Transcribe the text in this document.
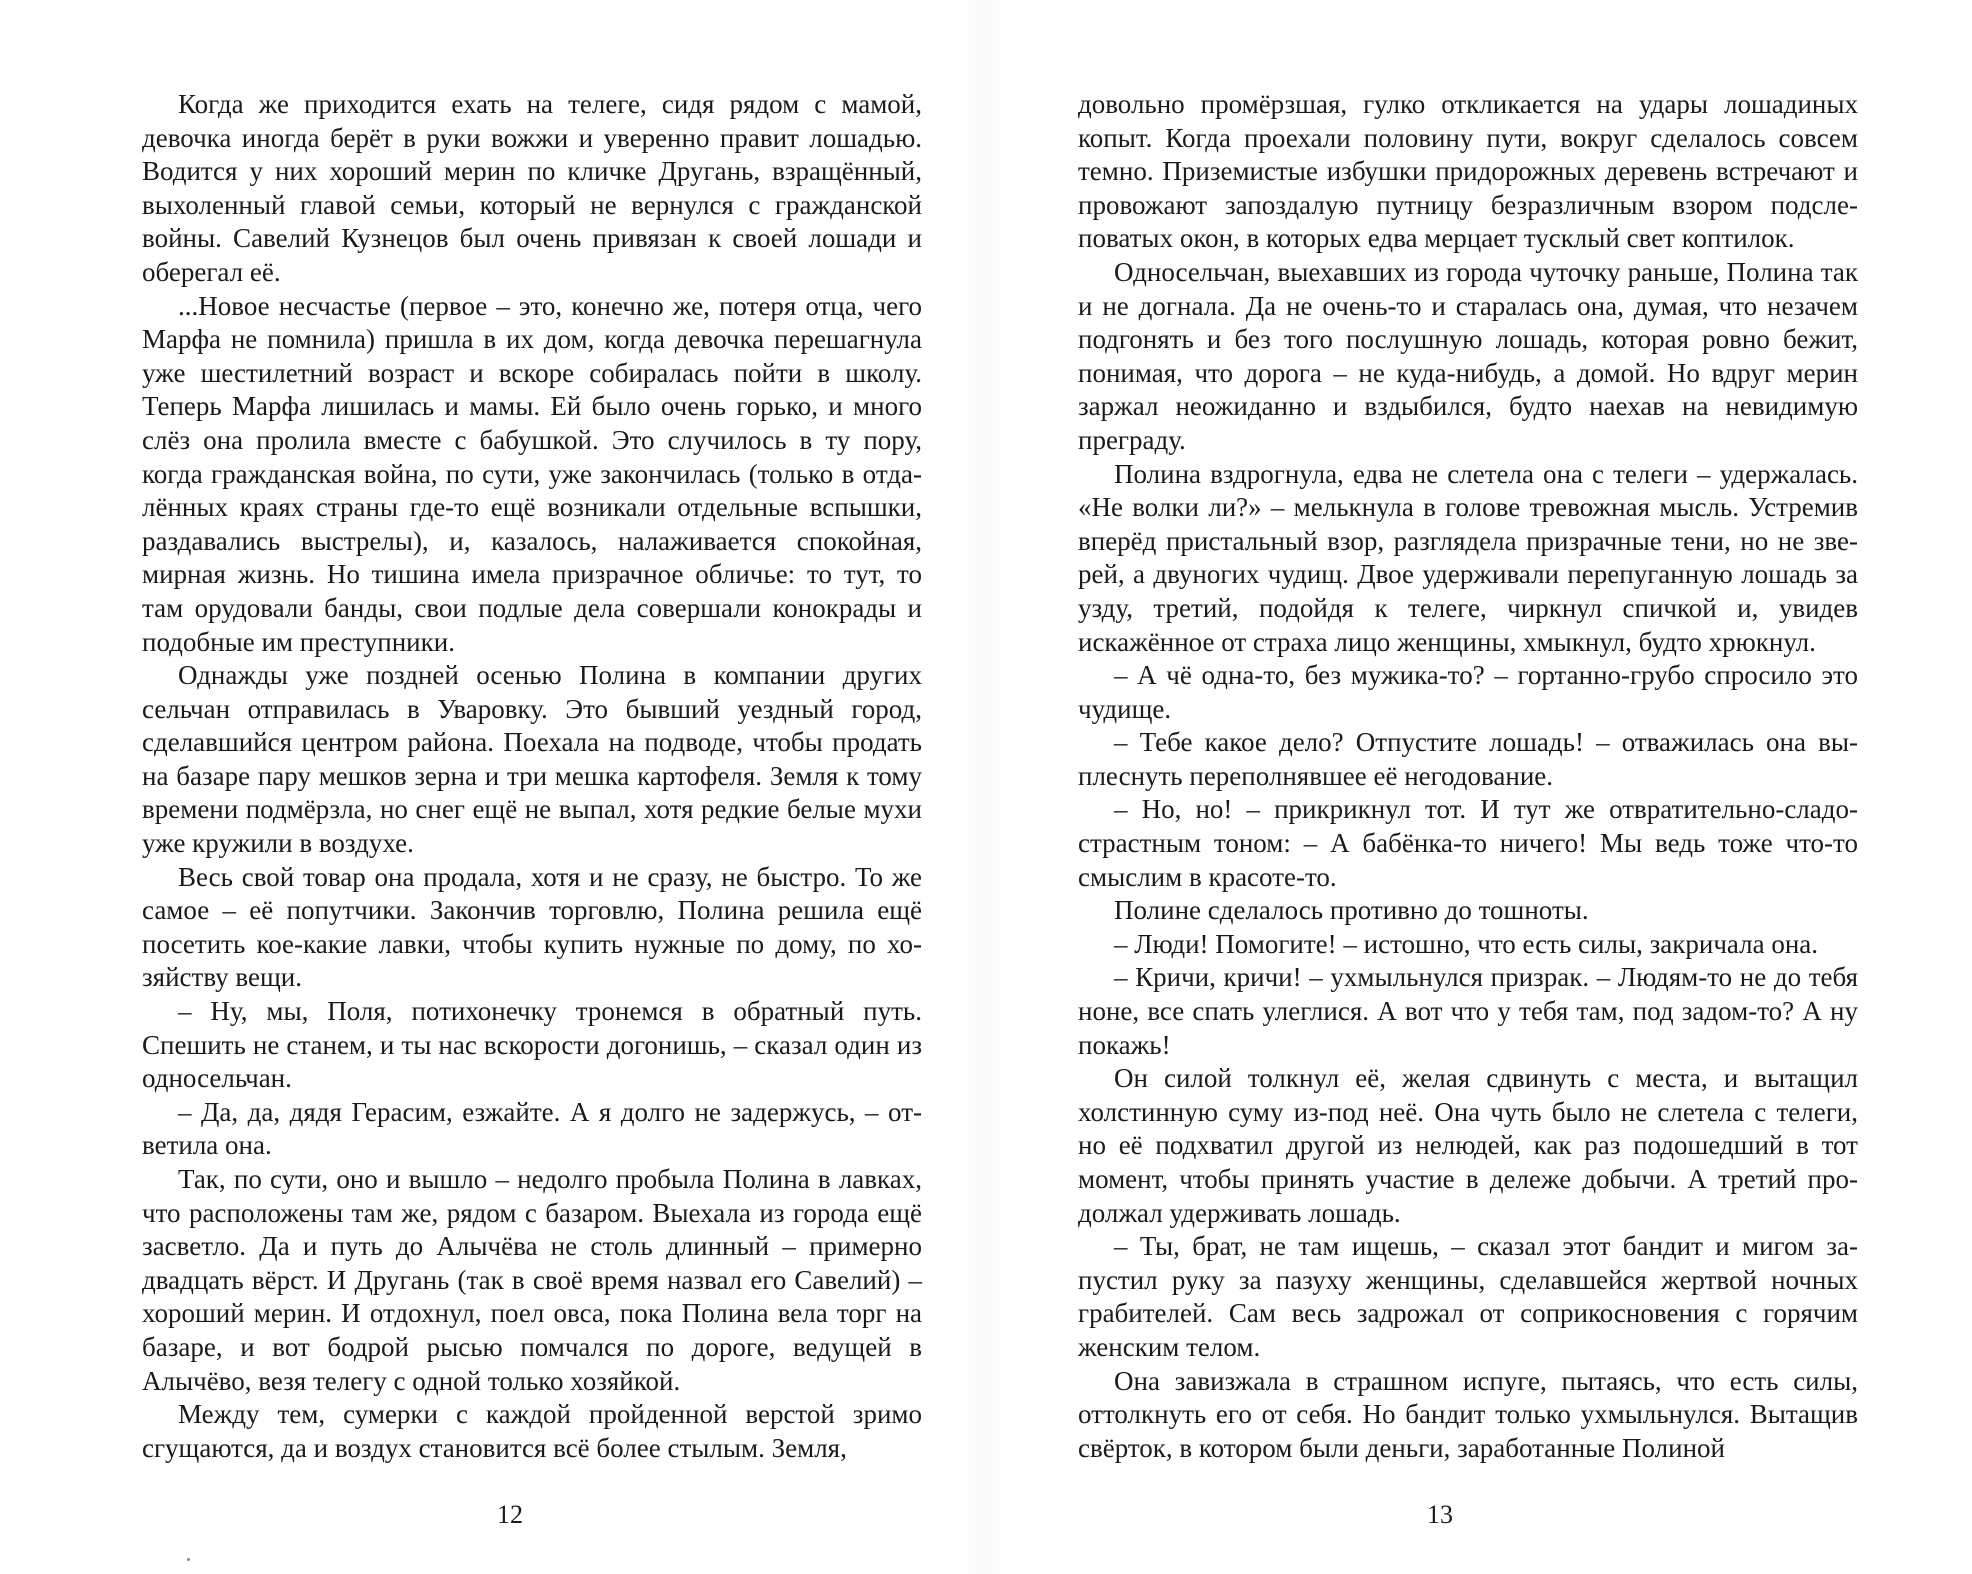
Когда же приходится ехать на телеге, сидя рядом с мамой, девочка иногда берёт в руки вожжи и уверенно правит лошадью. Водится у них хороший мерин по кличке Другань, взращённый, выхоленный главой семьи, который не вернулся с гражданской войны. Савелий Кузнецов был очень привязан к своей лошади и оберегал её.

...Новое несчастье (первое – это, конечно же, потеря отца, чего Марфа не помнила) пришла в их дом, когда девочка перешагнула уже шестилетний возраст и вскоре собиралась пойти в школу. Теперь Марфа лишилась и мамы. Ей было очень горько, и много слёз она пролила вместе с бабушкой. Это случилось в ту пору, когда гражданская война, по сути, уже закончилась (только в отдалённых краях страны где-то ещё возникали отдельные вспышки, раздавались выстрелы), и, казалось, налаживается спокойная, мирная жизнь. Но тишина имела призрачное обличье: то тут, то там орудовали банды, свои подлые дела совершали конокрады и подобные им преступники.

Однажды уже поздней осенью Полина в компании других сельчан отправилась в Уваровку. Это бывший уездный город, сделавшийся центром района. Поехала на подводе, чтобы продать на базаре пару мешков зерна и три мешка картофеля. Земля к тому времени подмёрзла, но снег ещё не выпал, хотя редкие белые мухи уже кружили в воздухе.

Весь свой товар она продала, хотя и не сразу, не быстро. То же самое – её попутчики. Закончив торговлю, Полина решила ещё посетить кое-какие лавки, чтобы купить нужные по дому, по хозяйству вещи.

– Ну, мы, Поля, потихонечку тронемся в обратный путь. Спешить не станем, и ты нас вскорости догонишь, – сказал один из односельчан.

– Да, да, дядя Герасим, езжайте. А я долго не задержусь, – ответила она.

Так, по сути, оно и вышло – недолго пробыла Полина в лавках, что расположены там же, рядом с базаром. Выехала из города ещё засветло. Да и путь до Алычёва не столь длинный – примерно двадцать вёрст. И Другань (так в своё время назвал его Савелий) – хороший мерин. И отдохнул, поел овса, пока Полина вела торг на базаре, и вот бодрой рысью помчался по дороге, ведущей в Алычёво, везя телегу с одной только хозяйкой.

Между тем, сумерки с каждой пройденной верстой зримо сгущаются, да и воздух становится всё более стылым. Земля,

12

довольно промёрзшая, гулко откликается на удары лошадиных копыт. Когда проехали половину пути, вокруг сделалось совсем темно. Приземистые избушки придорожных деревень встречают и провожают запоздалую путницу безразличным взором подслеповатых окон, в которых едва мерцает тусклый свет коптилок.

Односельчан, выехавших из города чуточку раньше, Полина так и не догнала. Да не очень-то и старалась она, думая, что незачем подгонять и без того послушную лошадь, которая ровно бежит, понимая, что дорога – не куда-нибудь, а домой. Но вдруг мерин заржал неожиданно и вздыбился, будто наехав на невидимую преграду.

Полина вздрогнула, едва не слетела она с телеги – удержалась. «Не волки ли?» – мелькнула в голове тревожная мысль. Устремив вперёд пристальный взор, разглядела призрачные тени, но не зверей, а двуногих чудищ. Двое удерживали перепуганную лошадь за узду, третий, подойдя к телеге, чиркнул спичкой и, увидев искажённое от страха лицо женщины, хмыкнул, будто хрюкнул.

– А чё одна-то, без мужика-то? – гортанно-грубо спросило это чудище.

– Тебе какое дело? Отпустите лошадь! – отважилась она выплеснуть переполнявшее её негодование.

– Но, но! – прикрикнул тот. И тут же отвратительно-сладострастным тоном: – А бабёнка-то ничего! Мы ведь тоже что-то смыслим в красоте-то.

Полине сделалось противно до тошноты.

– Люди! Помогите! – истошно, что есть силы, закричала она.

– Кричи, кричи! – ухмыльнулся призрак. – Людям-то не до тебя ноне, все спать улеглися. А вот что у тебя там, под задом-то? А ну покажь!

Он силой толкнул её, желая сдвинуть с места, и вытащил холстинную суму из-под неё. Она чуть было не слетела с телеги, но её подхватил другой из нелюдей, как раз подошедший в тот момент, чтобы принять участие в дележе добычи. А третий продолжал удерживать лошадь.

– Ты, брат, не там ищешь, – сказал этот бандит и мигом запустил руку за пазуху женщины, сделавшейся жертвой ночных грабителей. Сам весь задрожал от соприкосновения с горячим женским телом.

Она завизжала в страшном испуге, пытаясь, что есть силы, оттолкнуть его от себя. Но бандит только ухмыльнулся. Вытащив свёрток, в котором были деньги, заработанные Полиной

13
